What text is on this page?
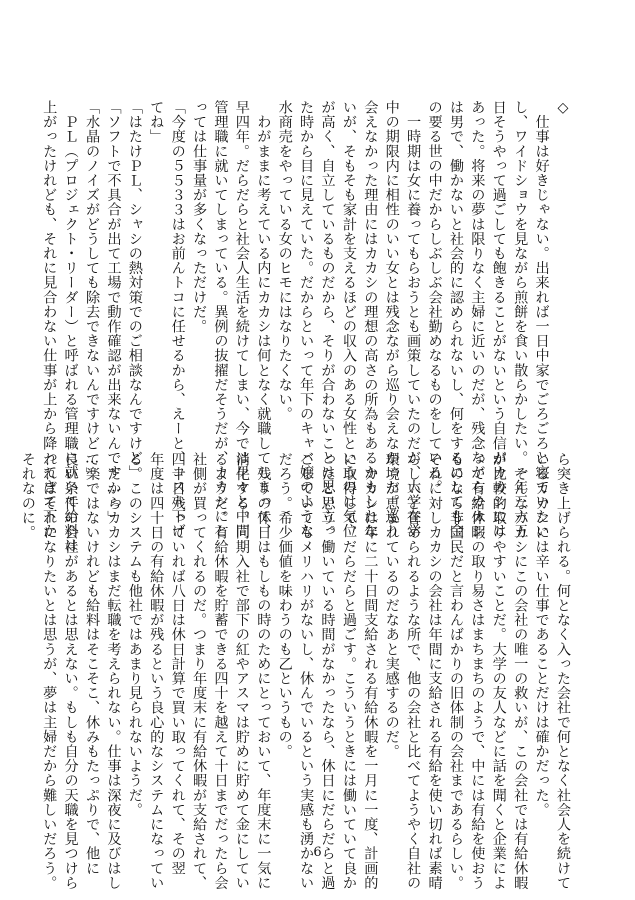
◇
　仕事は好きじゃない。出来れば一日中家でごろごろと寝ていたい
し、ワイドショウを見ながら煎餅を食い散らかしたい。一年三六五
日そうやって過ごしても飽きることがないという自信がカカシには
あった。将来の夢は限りなく主婦に近いのだが、残念ながらカカシ
は男で、働かないと社会的に認められないし、何をするにしても金
の要る世の中だからしぶしぶ会社勤めなるものをしている。
　一時期は女に養ってもらおうとも画策していたのだが、大学在学
中の期限内に相性のいい女とは残念ながら巡り会えなかった。巡り
会えなかった理由にはカカシの理想の高さの所為もあるかもしれな
いが、そもそも家計を支えるほどの収入のある女性というのは気位
が高く、自立しているものだから、そりが合わないことは思い立っ
た時から目に見えていた。だからといって年下のキャバ嬢のような
水商売をやっている女のヒモにはなりたくない。
　わがままに考えている内にカカシは何となく就職してしまって、
早四年。だらだらと社会人生活を続けてしまい、今では早々と中間
管理職に就いてしまっている。異例の抜擢だそうだが、カカシにと
っては仕事量が多くなっただけだ。
「今度の５５３３はお前んトコに任せるから、えーと、コスト下げ
てね」
「はたけＰＬ、シャシの熱対策でのご相談なんですけど」
「ソフトで不具合が出て工場で動作確認が出来ないんです…っ」
「水晶のノイズがどうしても除去できないんですけど…」
　ＰＬ（プロジェクト・リーダー）と呼ばれる管理職に就いて給料は
上がったけれども、それに見合わない仕事が上から降ってきて下か
ら突き上げられる。何となく入った会社で何となく社会人を続けて
いるカカシには辛い仕事であることだけは確かだった。
　そんなカカシにこの会社の唯一の救いが、この会社では有給休暇
が比較的取りやすいことだ。大学の友人などに話を聞くと企業によ
って有給休暇の取り易さはまちまちのようで、中には有給を使おう
ものなら非国民だと言わんばかりの旧体制の会社まであるらしい。
それに対しカカシの会社は年間に支給される有給を使い切れば素晴
らしいと誉められるような所で、他の会社と比べてようやく自社の
環境が恵まれているのだなあと実感するのだ。
　カカシは年に二十日間支給される有給休暇を一月に一度、計画的
に取得して、だらだらと過ごす。こういうときには働いていて良か
ったと思う。働いている時間がなかったなら、休日にだらだらと過
ごしていてもメリハリがないし、休んでいるという実感も湧かない
だろう。希少価値を味わうのも乙というもの。
　残りの休日はもしもの時のためにとっておいて、年度末に一気に
消化する。同期入社で部下の紅やアスマは貯めに貯めて金にしてい
るようだ。有給休暇を貯蓄できる四十を越えて十日までだったら会
社側が買ってくれるのだ。つまり年度末に有給休暇が支給されて、
四十日残っていれば八日は休日計算で買い取ってくれて、その翌
年度は四十日の有給休暇が残るという良心的なシステムになってい
る。このシステムも他社ではあまり見られないようだ。
　だからカカシはまだ転職を考えられない。仕事は深夜に及びはし
て楽ではないけれども給料はそこそこ、休みもたっぷりで、他に
良い条件の会社があるとは思えない。もしも自分の天職を見つけら
れればそれになりたいとは思うが、夢は主婦だから難しいだろう。
それなのに。
6
